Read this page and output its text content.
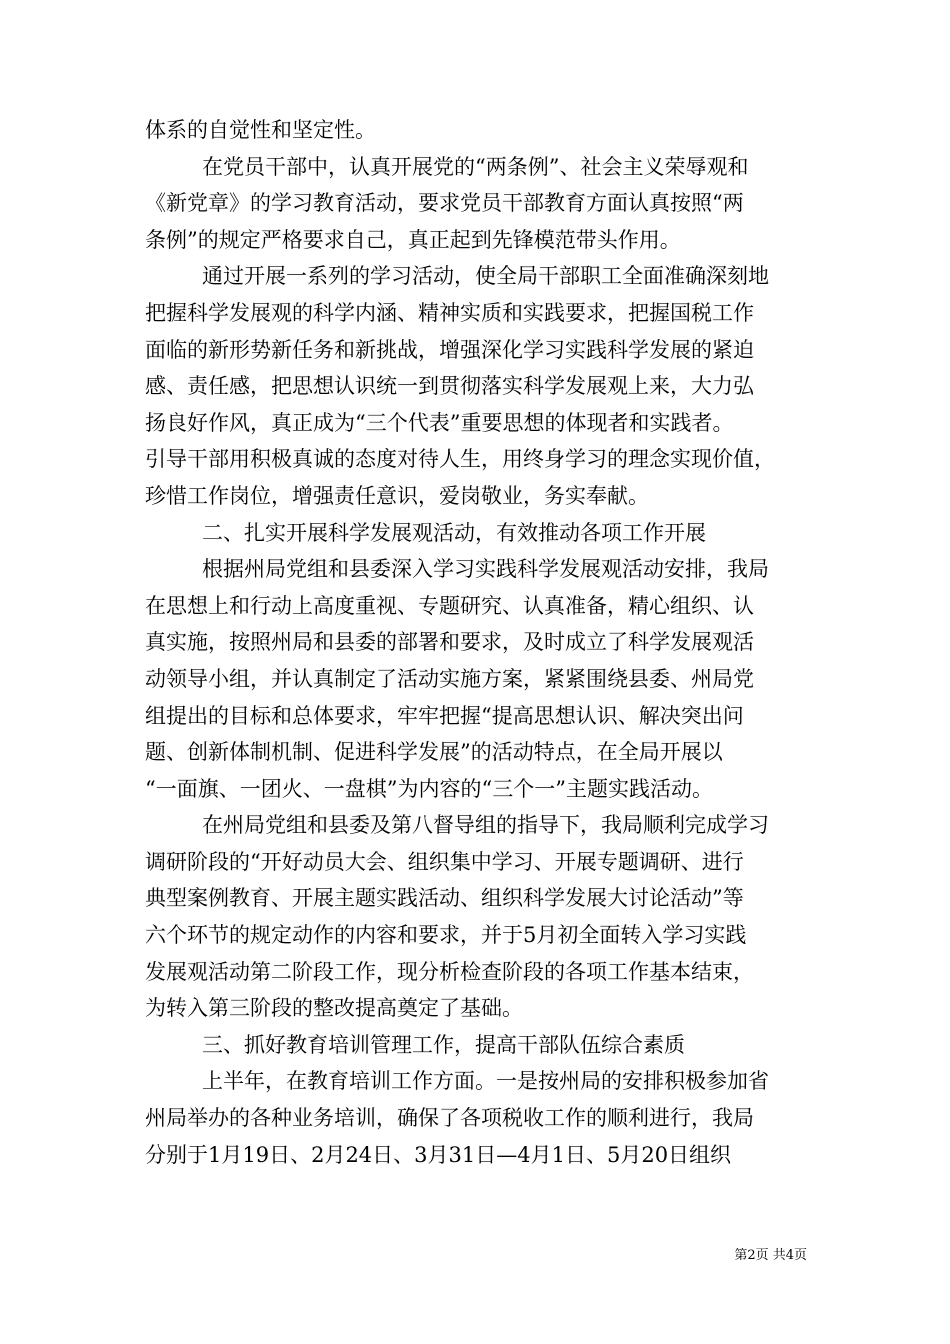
体系的自觉性和坚定性。
在党员干部中，认真开展党的“两条例”、社会主义荣辱观和
《新党章》的学习教育活动，要求党员干部教育方面认真按照“两
条例”的规定严格要求自己，真正起到先锋模范带头作用。
通过开展一系列的学习活动，使全局干部职工全面准确深刻地
把握科学发展观的科学内涵、精神实质和实践要求，把握国税工作
面临的新形势新任务和新挑战，增强深化学习实践科学发展的紧迫
感、责任感，把思想认识统一到贯彻落实科学发展观上来，大力弘
扬良好作风，真正成为“三个代表”重要思想的体现者和实践者。
引导干部用积极真诚的态度对待人生，用终身学习的理念实现价值，
珍惜工作岗位，增强责任意识，爱岗敬业，务实奉献。
二、扎实开展科学发展观活动，有效推动各项工作开展
根据州局党组和县委深入学习实践科学发展观活动安排，我局
在思想上和行动上高度重视、专题研究、认真准备，精心组织、认
真实施，按照州局和县委的部署和要求，及时成立了科学发展观活
动领导小组，并认真制定了活动实施方案，紧紧围绕县委、州局党
组提出的目标和总体要求，牢牢把握“提高思想认识、解决突出问
题、创新体制机制、促进科学发展”的活动特点，在全局开展以
“一面旗、一团火、一盘棋”为内容的“三个一”主题实践活动。
在州局党组和县委及第八督导组的指导下，我局顺利完成学习
调研阶段的“开好动员大会、组织集中学习、开展专题调研、进行
典型案例教育、开展主题实践活动、组织科学发展大讨论活动”等
六个环节的规定动作的内容和要求，并于5月初全面转入学习实践
发展观活动第二阶段工作，现分析检查阶段的各项工作基本结束，
为转入第三阶段的整改提高奠定了基础。
三、抓好教育培训管理工作，提高干部队伍综合素质
上半年，在教育培训工作方面。一是按州局的安排积极参加省
州局举办的各种业务培训，确保了各项税收工作的顺利进行，我局
分别于1月19日、2月24日、3月31日—4月1日、5月20日组织
第2页 共4页
